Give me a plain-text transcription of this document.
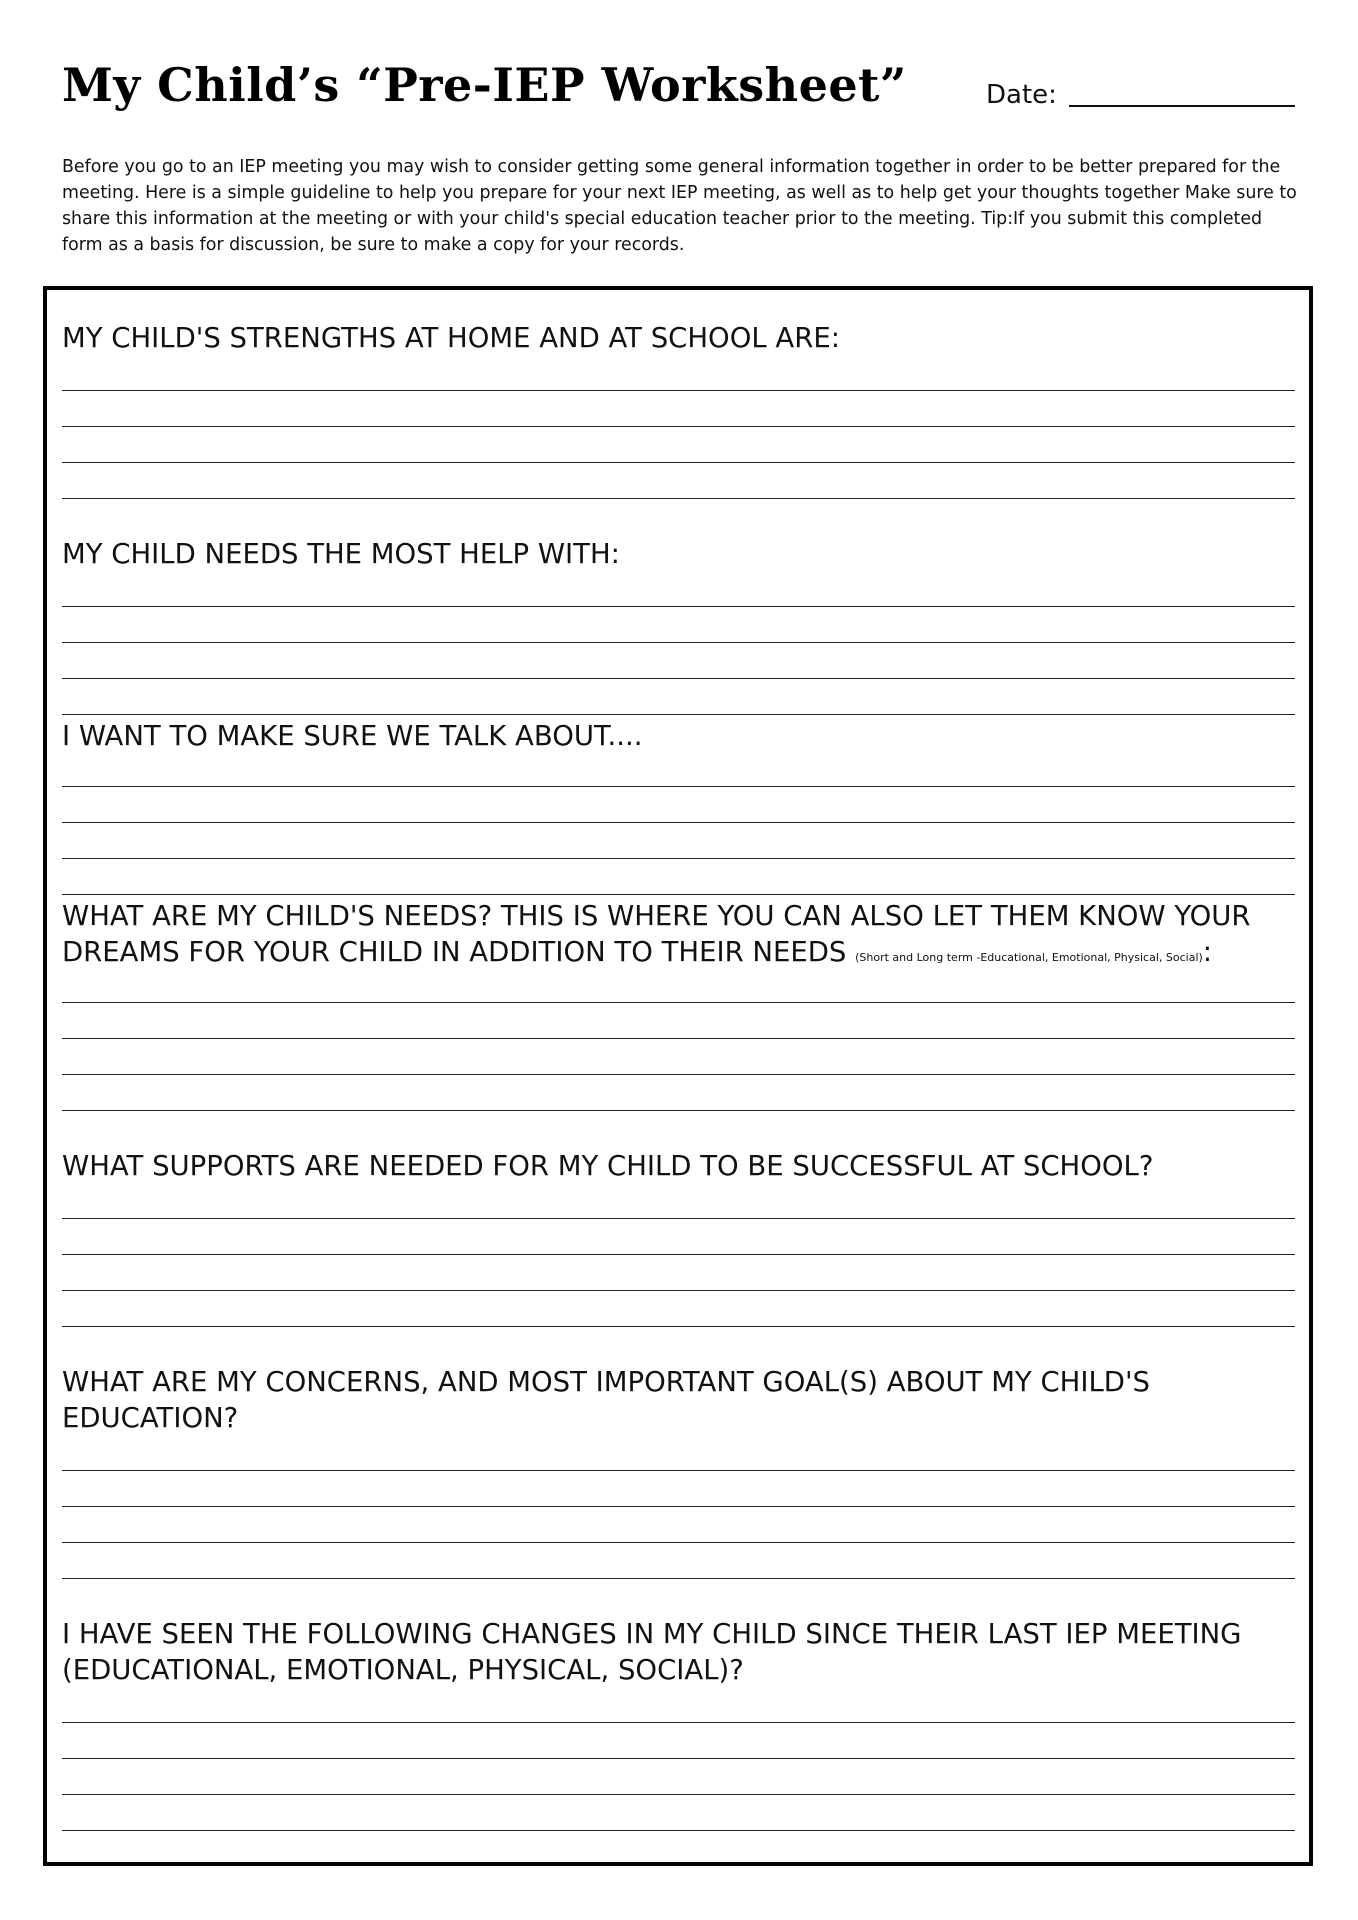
My Child’s “Pre-IEP Worksheet”	Date:
Before you go to an IEP meeting you may wish to consider getting some general information together in order to be better prepared for the meeting. Here is a simple guideline to help you prepare for your next IEP meeting, as well as to help get your thoughts together Make sure to share this information at the meeting or with your child's special education teacher prior to the meeting. Tip:If you submit this completed form as a basis for discussion, be sure to make a copy for your records.
MY CHILD'S STRENGTHS AT HOME AND AT SCHOOL ARE:
MY CHILD NEEDS THE MOST HELP WITH:
I WANT TO MAKE SURE WE TALK ABOUT....
WHAT ARE MY CHILD'S NEEDS? THIS IS WHERE YOU CAN ALSO LET THEM KNOW YOUR DREAMS FOR YOUR CHILD IN ADDITION TO THEIR NEEDS (Short and Long term -Educational, Emotional, Physical, Social):
WHAT SUPPORTS ARE NEEDED FOR MY CHILD TO BE SUCCESSFUL AT SCHOOL?
WHAT ARE MY CONCERNS, AND MOST IMPORTANT GOAL(S) ABOUT MY CHILD'S EDUCATION?
I HAVE SEEN THE FOLLOWING CHANGES IN MY CHILD SINCE THEIR LAST IEP MEETING (EDUCATIONAL, EMOTIONAL, PHYSICAL, SOCIAL)?
